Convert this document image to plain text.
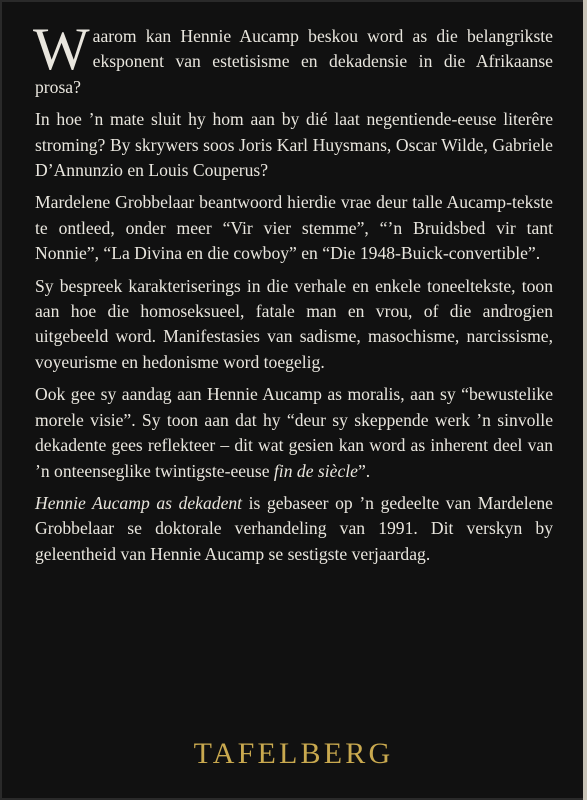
Waarom kan Hennie Aucamp beskou word as die belangrikste eksponent van estetisisme en dekadensie in die Afrikaanse prosa?

In hoe ’n mate sluit hy hom aan by dié laat negentiende-eeuse literêre stroming? By skrywers soos Joris Karl Huysmans, Oscar Wilde, Gabriele D’Annunzio en Louis Couperus?

Mardelene Grobbelaar beantwoord hierdie vrae deur talle Aucamp-tekste te ontleed, onder meer “Vir vier stemme”, “’n Bruidsbed vir tant Nonnie”, “La Divina en die cowboy” en “Die 1948-Buick-convertible”.

Sy bespreek karakteriserings in die verhale en enkele toneeltekste, toon aan hoe die homoseksueel, fatale man en vrou, of die androgien uitgebeeld word. Manifestasies van sadisme, masochisme, narcissisme, voyeurisme en hedonisme word toegelig.

Ook gee sy aandag aan Hennie Aucamp as moralis, aan sy “bewustelike morele visie”. Sy toon aan dat hy “deur sy skeppende werk ’n sinvolle dekadente gees reflekteer – dit wat gesien kan word as inherent deel van ’n onteenseglike twintigste-eeuse fin de siècle”.

Hennie Aucamp as dekadent is gebaseer op ’n gedeelte van Mardelene Grobbelaar se doktorale verhandeling van 1991. Dit verskyn by geleentheid van Hennie Aucamp se sestigste verjaardag.

TAFELBERG
